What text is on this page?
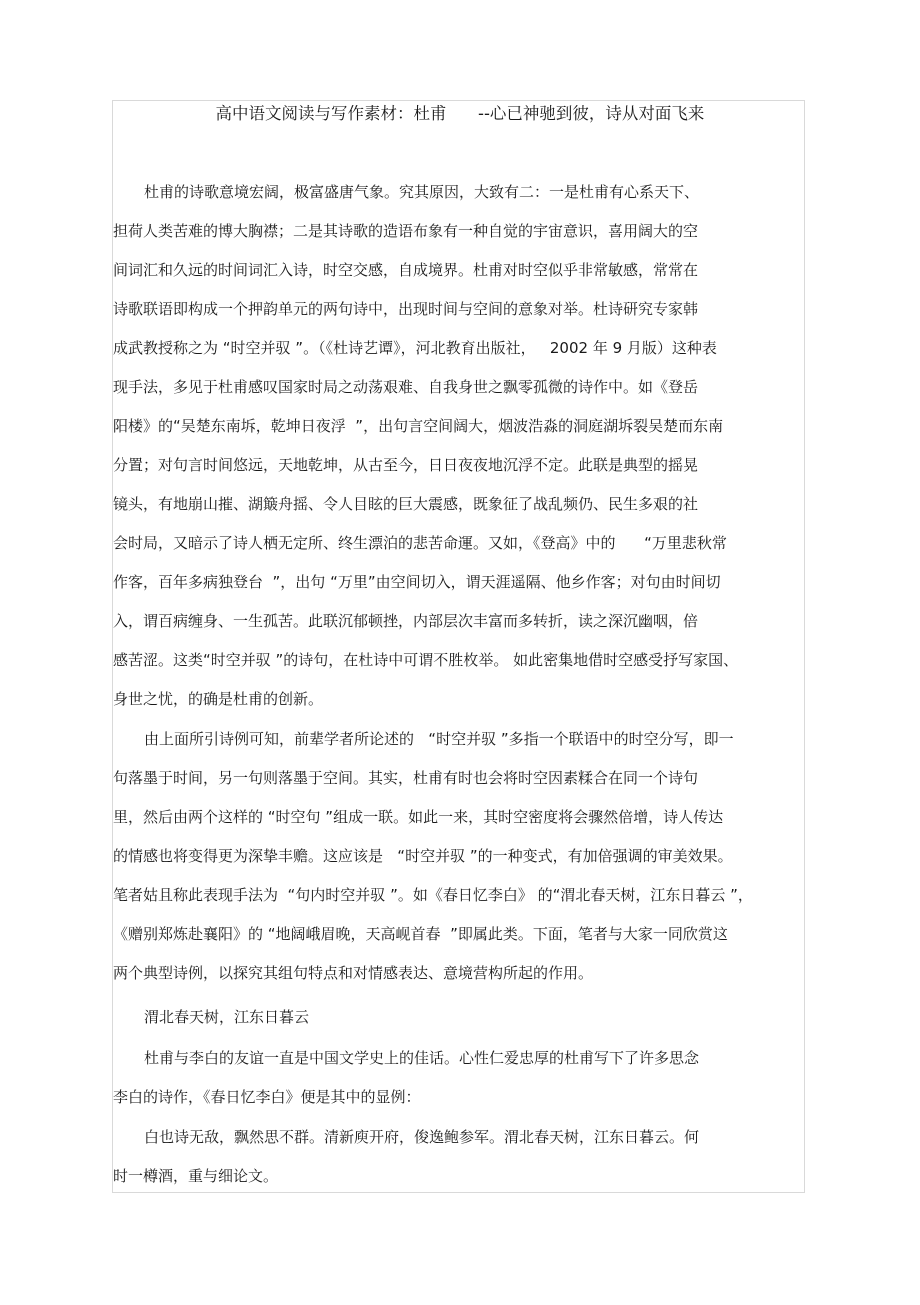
高中语文阅读与写作素材：杜甫      --心已神驰到彼，诗从对面飞来
杜甫的诗歌意境宏阔，极富盛唐气象。究其原因，大致有二：一是杜甫有心系天下、
担荷人类苦难的博大胸襟；二是其诗歌的造语布象有一种自觉的宇宙意识，喜用阔大的空
间词汇和久远的时间词汇入诗，时空交感，自成境界。杜甫对时空似乎非常敏感，常常在
诗歌联语即构成一个押韵单元的两句诗中，出现时间与空间的意象对举。杜诗研究专家韩
成武教授称之为 “时空并驭 ”。（《杜诗艺谭》，河北教育出版社，   2002 年 9 月版）这种表
现手法，多见于杜甫感叹国家时局之动荡艰难、自我身世之飘零孤微的诗作中。如《登岳
阳楼》的“吴楚东南坼，乾坤日夜浮  ”，出句言空间阔大，烟波浩淼的洞庭湖坼裂吴楚而东南
分置；对句言时间悠远，天地乾坤，从古至今，日日夜夜地沉浮不定。此联是典型的摇晃
镜头，有地崩山摧、湖簸舟摇、令人目眩的巨大震感，既象征了战乱频仍、民生多艰的社
会时局，又暗示了诗人栖无定所、终生漂泊的悲苦命運。又如，《登高》中的      “万里悲秋常
作客，百年多病独登台  ”，出句 “万里”由空间切入，谓天涯遥隔、他乡作客；对句由时间切
入，谓百病缠身、一生孤苦。此联沉郁顿挫，内部层次丰富而多转折，读之深沉幽咽，倍
感苦涩。这类“时空并驭 ”的诗句，在杜诗中可谓不胜枚举。 如此密集地借时空感受抒写家国、
身世之忧，的确是杜甫的创新。
由上面所引诗例可知，前辈学者所论述的   “时空并驭 ”多指一个联语中的时空分写，即一
句落墨于时间，另一句则落墨于空间。其实，杜甫有时也会将时空因素糅合在同一个诗句
里，然后由两个这样的 “时空句 ”组成一联。如此一来，其时空密度将会骤然倍增，诗人传达
的情感也将变得更为深挚丰赡。这应该是   “时空并驭 ”的一种变式，有加倍强调的审美效果。
笔者姑且称此表现手法为  “句内时空并驭 ”。如《春日忆李白》 的“渭北春天树，江东日暮云 ”，
《赠别郑炼赴襄阳》的 “地阔峨眉晚，天高岘首春  ”即属此类。下面，笔者与大家一同欣赏这
两个典型诗例，以探究其组句特点和对情感表达、意境营构所起的作用。
渭北春天树，江东日暮云
杜甫与李白的友谊一直是中国文学史上的佳话。心性仁爱忠厚的杜甫写下了许多思念
李白的诗作，《春日忆李白》便是其中的显例：
白也诗无敌，飘然思不群。清新庾开府，俊逸鲍参军。渭北春天树，江东日暮云。何
时一樽酒，重与细论文。
